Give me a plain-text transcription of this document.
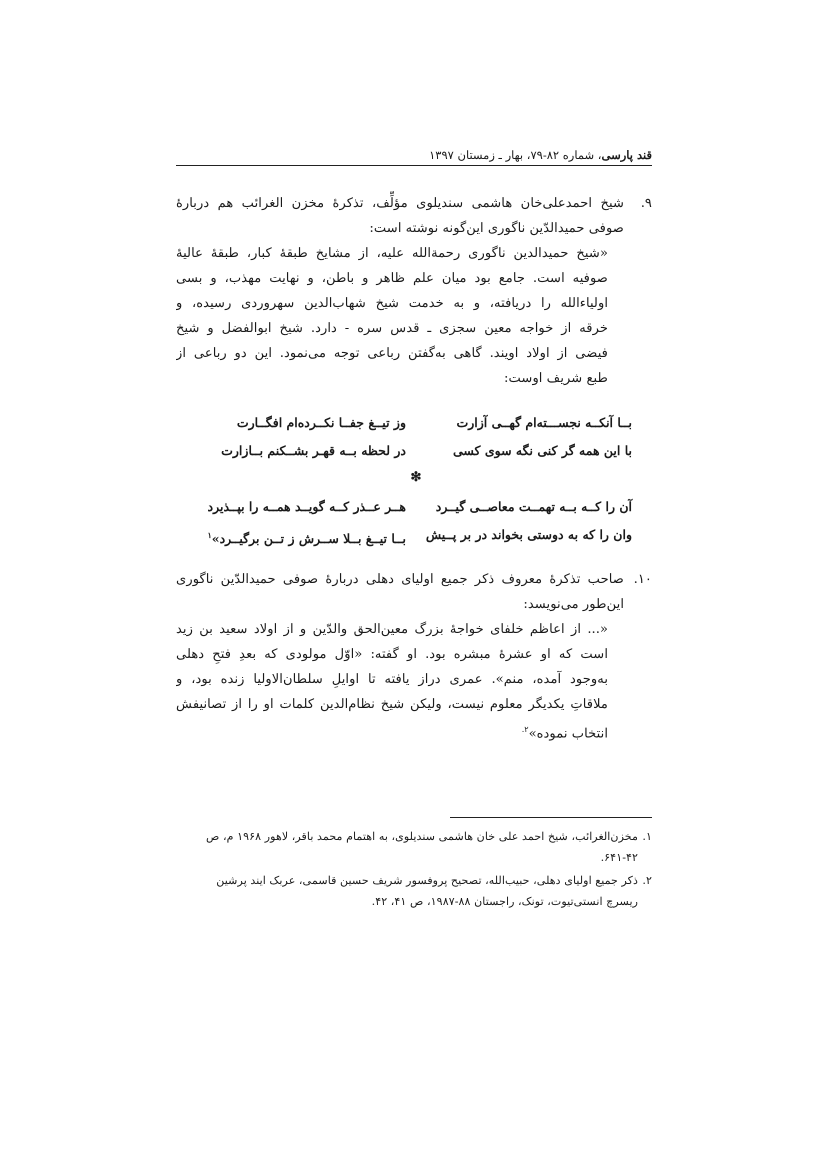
قند پارسی، شماره ۸۲-۷۹، بهار ـ زمستان ۱۳۹۷
۹.
شیخ احمدعلی‌خان هاشمی سندیلوی مؤلِّف، تذکرهٔ مخزن الغرائب هم دربارهٔ
صوفی حمیدالدّین ناگوری این‌گونه نوشته است:
«شیخ حمیدالدین ناگوری رحمةالله علیه، از مشایخ طبقهٔ کبار، طبقهٔ عالیهٔ
صوفیه است. جامع بود میان علم ظاهر و باطن، و نهایت مهذب، و بسی
اولیاءالله را دریافته، و به خدمت شیخ شهاب‌الدین سهروردی رسیده، و
خرقه از خواجه معین سجزی ـ قدس سره - دارد. شیخ ابوالفضل و شیخ
فیضی از اولاد اویند. گاهی به‌گفتن رباعی توجه می‌نمود. این دو رباعی از
طبع شریف اوست:
بــا آنکــه نجســـته‌ام گهــی آزارت
وز تیــغ جفــا نکــرده‌ام افگــارت
با این همه گر کنی نگه سوی کسی
در لحظه بــه قهـر بشــکنم بــازارت
❇
آن را کــه بــه تهمــت معاصــی گیــرد
هــر عــذر کــه گویــد همــه را بپــذیرد
وان را که به دوستی بخواند در بر پــیش
بــا تیــغ بــلا ســرش ز تــن برگیــرد»$^۱$
۱۰.
صاحب تذکرهٔ معروف ذکر جمیع اولیای دهلی دربارهٔ صوفی حمیدالدّین ناگوری
این‌طور می‌نویسد:
«... از اعاظم خلفای خواجهٔ بزرگ معین‌الحق والدّین و از اولاد سعید بن زید
است که او عشرهٔ مبشره بود. او گفته: «اوّل مولودی که بعدِ فتحِ دهلی
به‌وجود آمده، منم». عمری دراز یافته تا اوایلِ سلطان‌الاولیا زنده بود، و
ملاقاتِ یکدیگر معلوم نیست، ولیکن شیخ نظام‌الدین کلمات او را از تصانیفش
انتخاب نموده»$^{۲.}$
۱.
مخزن‌الغرائب، شیخ احمد علی خان هاشمی سندیلوی، به اهتمام محمد باقر، لاهور ۱۹۶۸ م، ص
۶۴۱-۴۲.
۲.
ذکر جمیع اولیای دهلی، حبیب‌الله، تصحیح پروفسور شریف حسین قاسمی، عربک ایند پرشین
ریسرچ انستی‌تیوت، تونک، راجستان ۸۸-۱۹۸۷، ص ۴۱، ۴۲.
